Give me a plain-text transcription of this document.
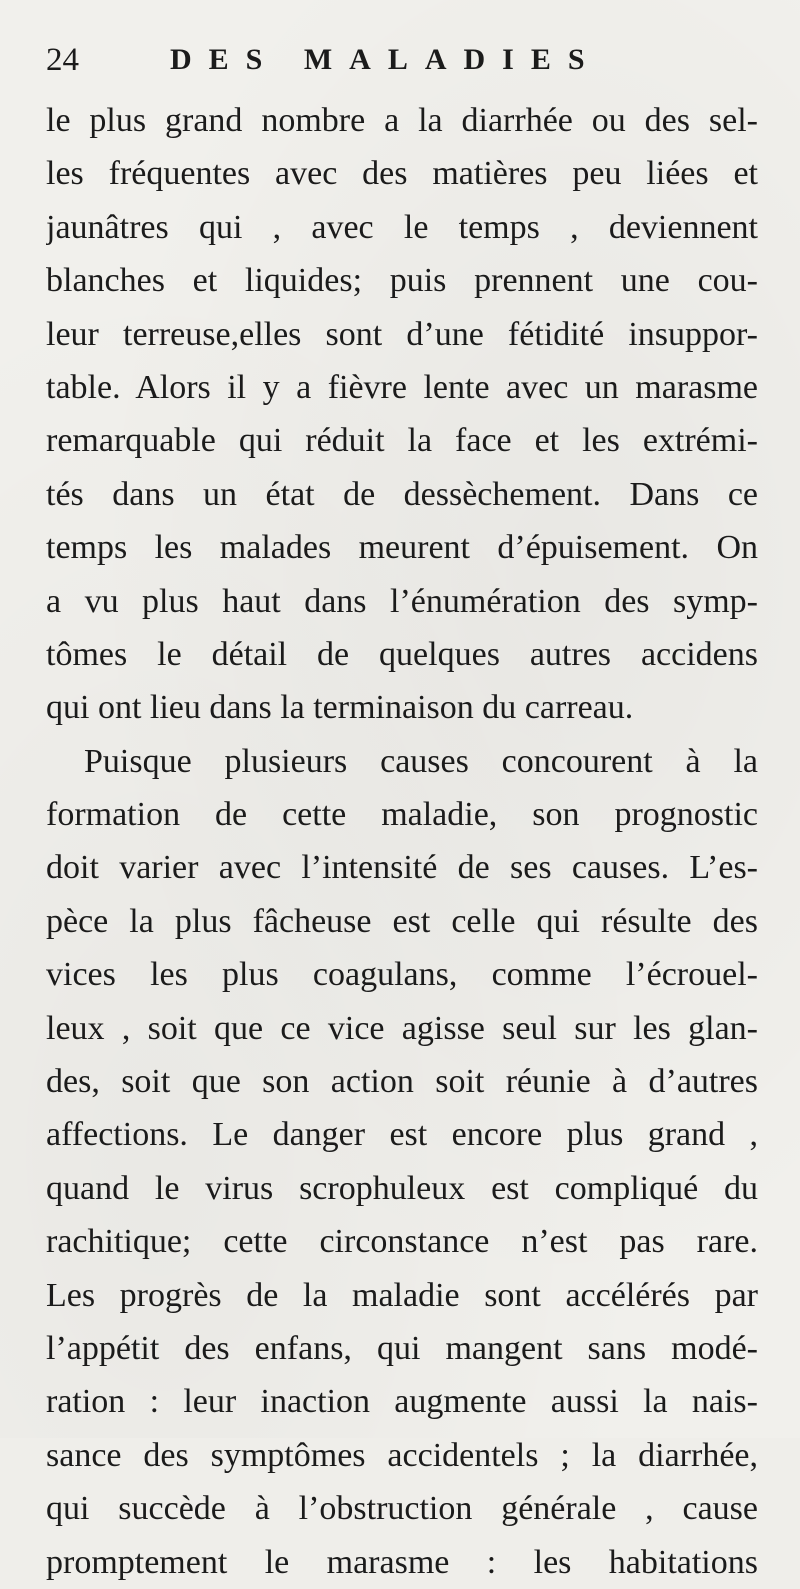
24	DES MALADIES
le plus grand nombre a la diarrhée ou des sel-
les fréquentes avec des matières peu liées et
jaunâtres qui , avec le temps , deviennent
blanches et liquides; puis prennent une cou-
leur terreuse,elles sont d’une fétidité insuppor-
table. Alors il y a fièvre lente avec un marasme
remarquable qui réduit la face et les extrémi-
tés dans un état de dessèchement. Dans ce
temps les malades meurent d’épuisement. On
a vu plus haut dans l’énumération des symp-
tômes le détail de quelques autres accidens
qui ont lieu dans la terminaison du carreau.
Puisque plusieurs causes concourent à la
formation de cette maladie, son prognostic
doit varier avec l’intensité de ses causes. L’es-
pèce la plus fâcheuse est celle qui résulte des
vices les plus coagulans, comme l’écrouel-
leux , soit que ce vice agisse seul sur les glan-
des, soit que son action soit réunie à d’autres
affections. Le danger est encore plus grand ,
quand le virus scrophuleux est compliqué du
rachitique; cette circonstance n’est pas rare.
Les progrès de la maladie sont accélérés par
l’appétit des enfans, qui mangent sans modé-
ration : leur inaction augmente aussi la nais-
sance des symptômes accidentels ; la diarrhée,
qui succède à l’obstruction générale , cause
promptement le marasme : les habitations
